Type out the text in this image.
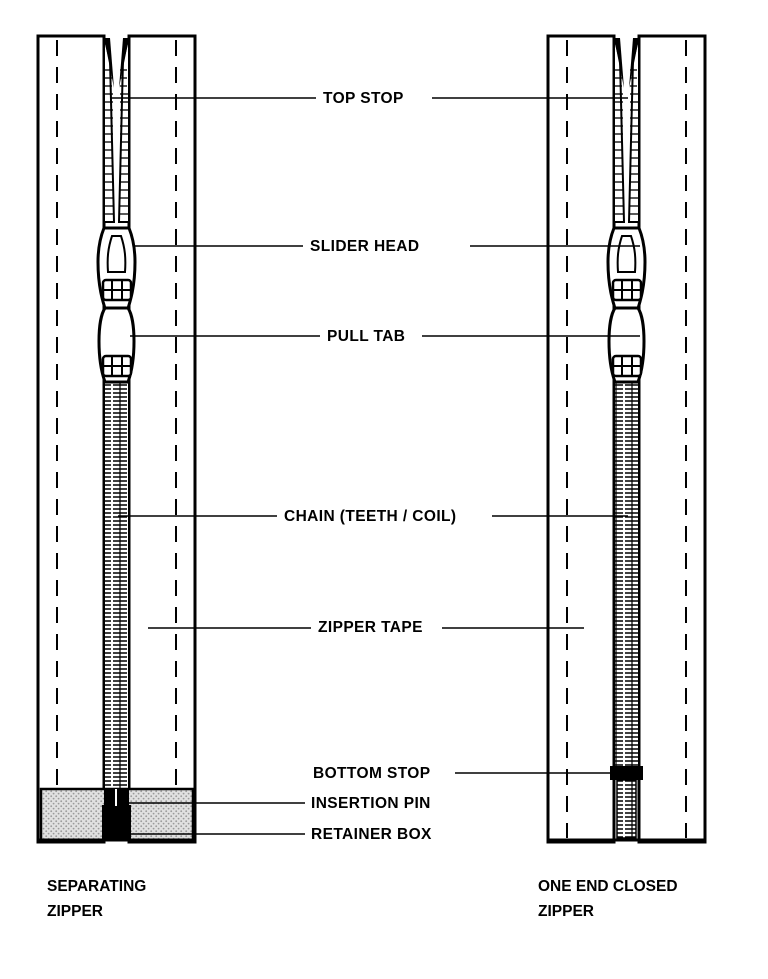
TOP STOP
SLIDER HEAD
PULL TAB
CHAIN (TEETH / COIL)
ZIPPER TAPE
BOTTOM STOP
INSERTION PIN
RETAINER BOX
SEPARATING
ZIPPER
ONE END CLOSED
ZIPPER
